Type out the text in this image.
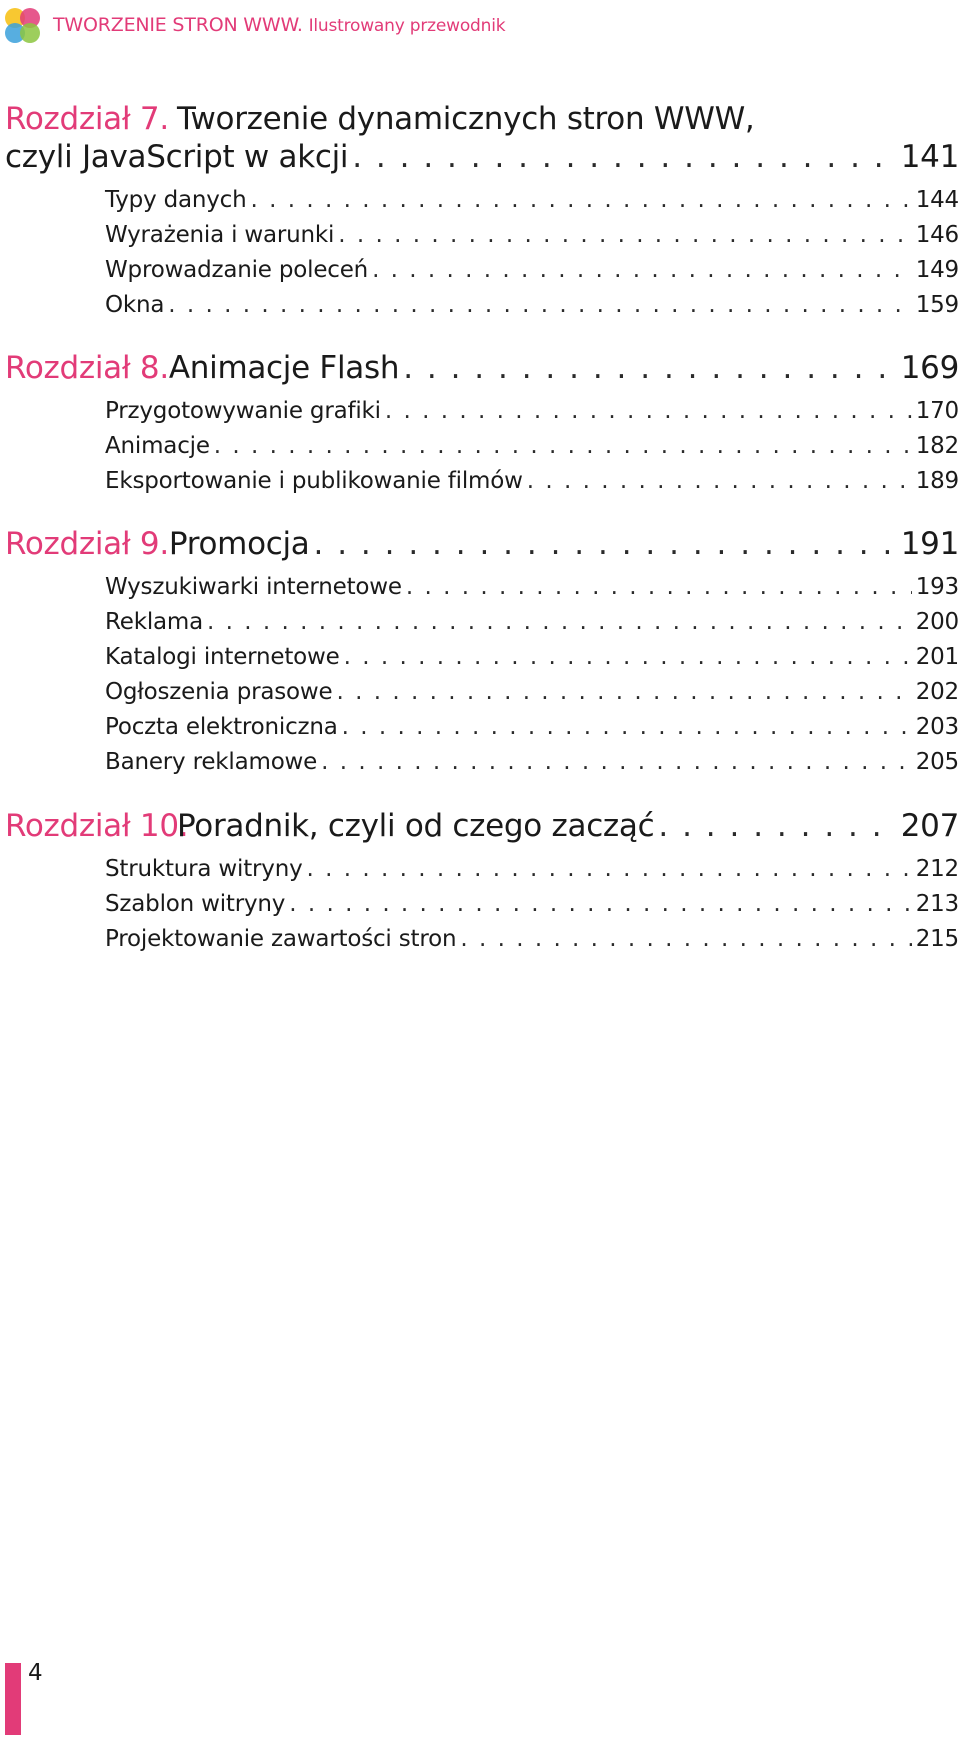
TWORZENIE STRON WWW. Ilustrowany przewodnik
Rozdział 7. Tworzenie dynamicznych stron WWW,
czyli JavaScript w akcji . . .	141
Typy danych . . .	144
Wyrażenia i warunki . . .	146
Wprowadzanie poleceń . . .	149
Okna . . .	159
Rozdział 8. Animacje Flash . . .	169
Przygotowywanie grafiki . . .	170
Animacje . . .	182
Eksportowanie i publikowanie filmów . . .	189
Rozdział 9. Promocja . . .	191
Wyszukiwarki internetowe . . .	193
Reklama . . .	200
Katalogi internetowe . . .	201
Ogłoszenia prasowe . . .	202
Poczta elektroniczna . . .	203
Banery reklamowe . . .	205
Rozdział 10.
Poradnik, czyli od czego zacząć . . .	207
Struktura witryny . . .	212
Szablon witryny . . .	213
Projektowanie zawartości stron . . .	215
4
